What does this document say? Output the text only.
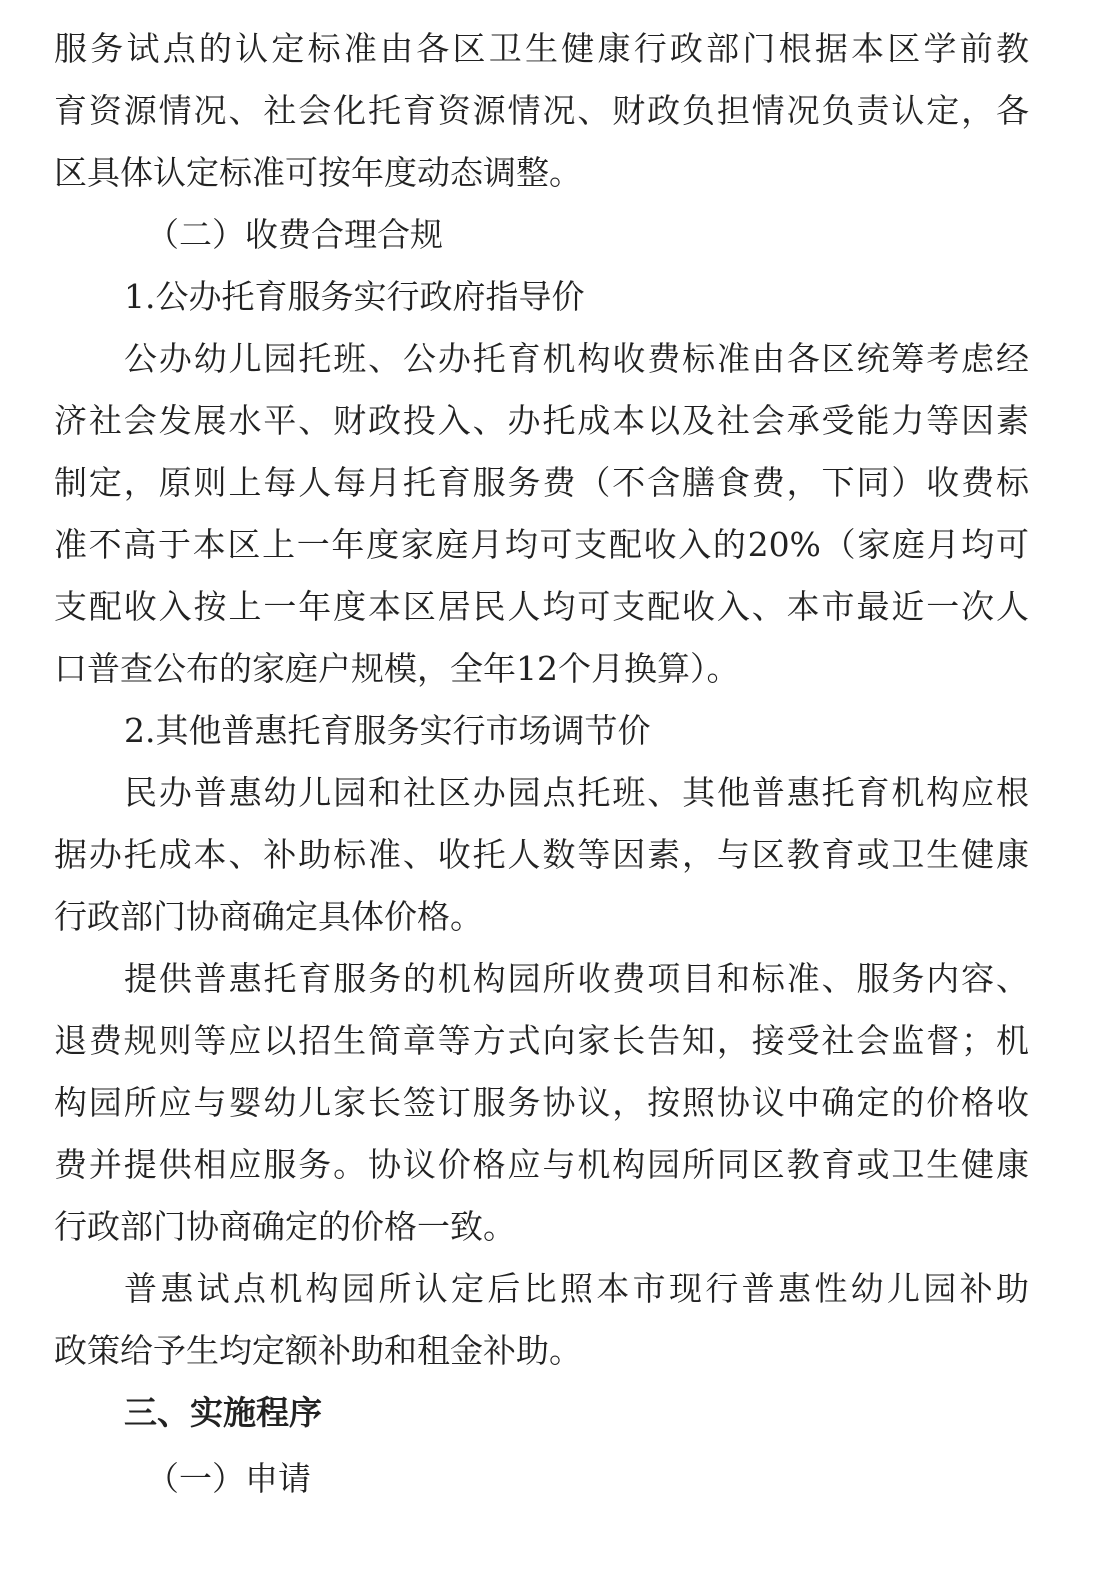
服务试点的认定标准由各区卫生健康行政部门根据本区学前教
育资源情况、社会化托育资源情况、财政负担情况负责认定，各
区具体认定标准可按年度动态调整。
（二）收费合理合规
1.公办托育服务实行政府指导价
公办幼儿园托班、公办托育机构收费标准由各区统筹考虑经
济社会发展水平、财政投入、办托成本以及社会承受能力等因素
制定，原则上每人每月托育服务费（不含膳食费，下同）收费标
准不高于本区上一年度家庭月均可支配收入的20%（家庭月均可
支配收入按上一年度本区居民人均可支配收入、本市最近一次人
口普查公布的家庭户规模，全年12个月换算）。
2.其他普惠托育服务实行市场调节价
民办普惠幼儿园和社区办园点托班、其他普惠托育机构应根
据办托成本、补助标准、收托人数等因素，与区教育或卫生健康
行政部门协商确定具体价格。
提供普惠托育服务的机构园所收费项目和标准、服务内容、
退费规则等应以招生简章等方式向家长告知，接受社会监督；机
构园所应与婴幼儿家长签订服务协议，按照协议中确定的价格收
费并提供相应服务。协议价格应与机构园所同区教育或卫生健康
行政部门协商确定的价格一致。
普惠试点机构园所认定后比照本市现行普惠性幼儿园补助
政策给予生均定额补助和租金补助。
三、实施程序
（一）申请
